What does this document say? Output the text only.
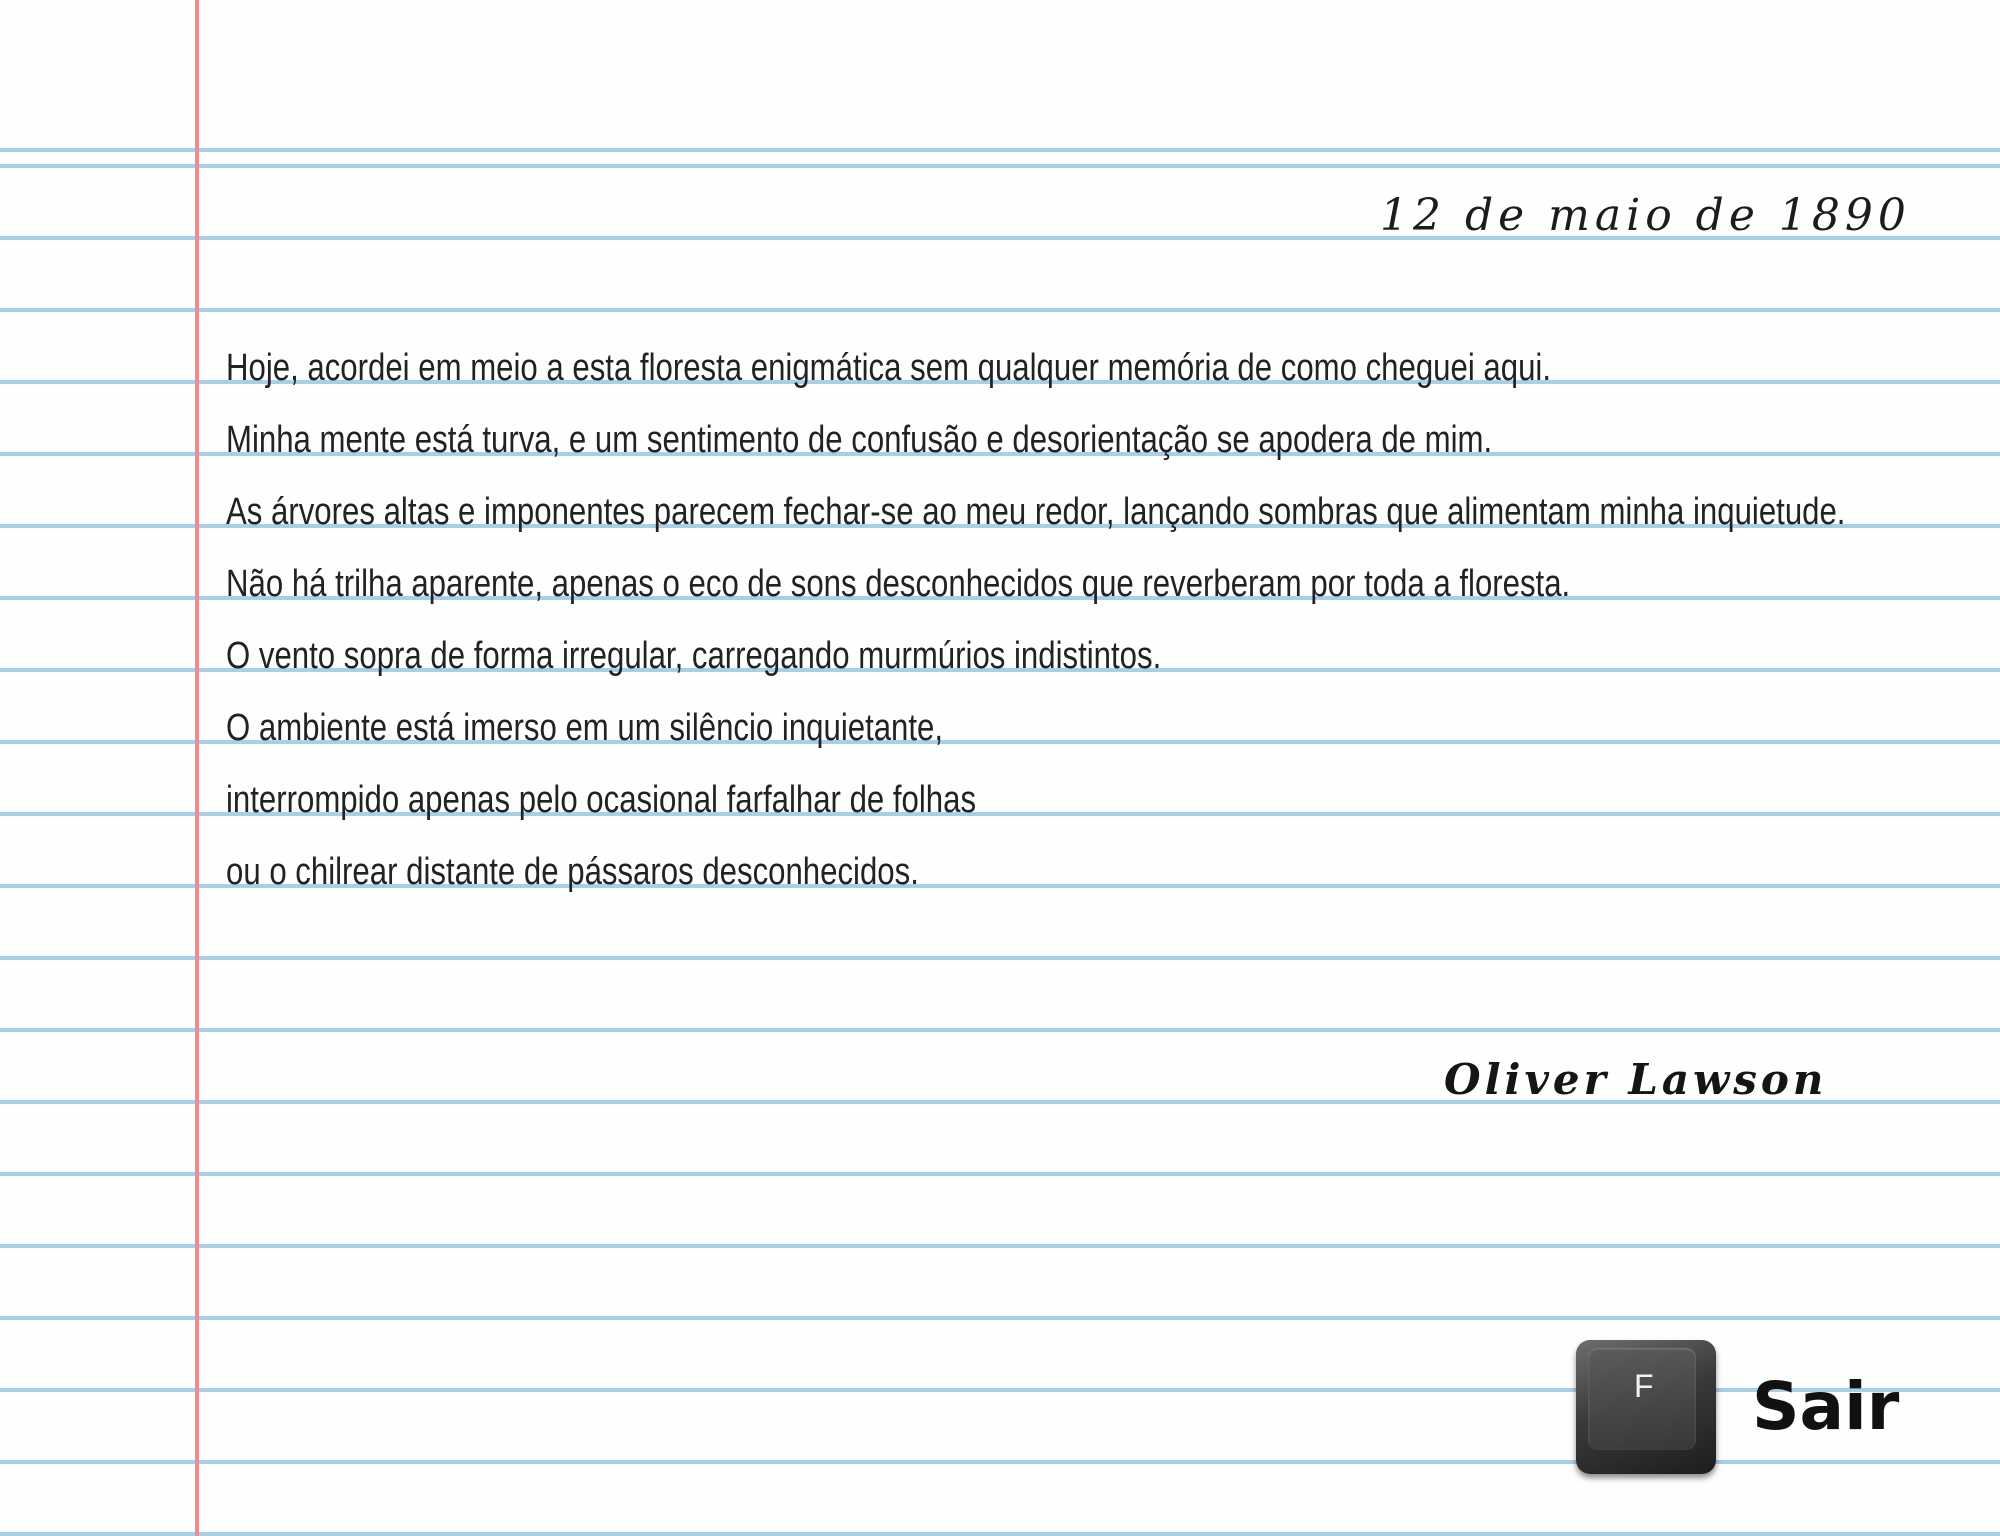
12 de maio de 1890
Hoje, acordei em meio a esta floresta enigmática sem qualquer memória de como cheguei aqui.
Minha mente está turva, e um sentimento de confusão e desorientação se apodera de mim.
As árvores altas e imponentes parecem fechar-se ao meu redor, lançando sombras que alimentam minha inquietude.
Não há trilha aparente, apenas o eco de sons desconhecidos que reverberam por toda a floresta.
O vento sopra de forma irregular, carregando murmúrios indistintos.
O ambiente está imerso em um silêncio inquietante,
interrompido apenas pelo ocasional farfalhar de folhas
ou o chilrear distante de pássaros desconhecidos.
Oliver Lawson
F Sair
